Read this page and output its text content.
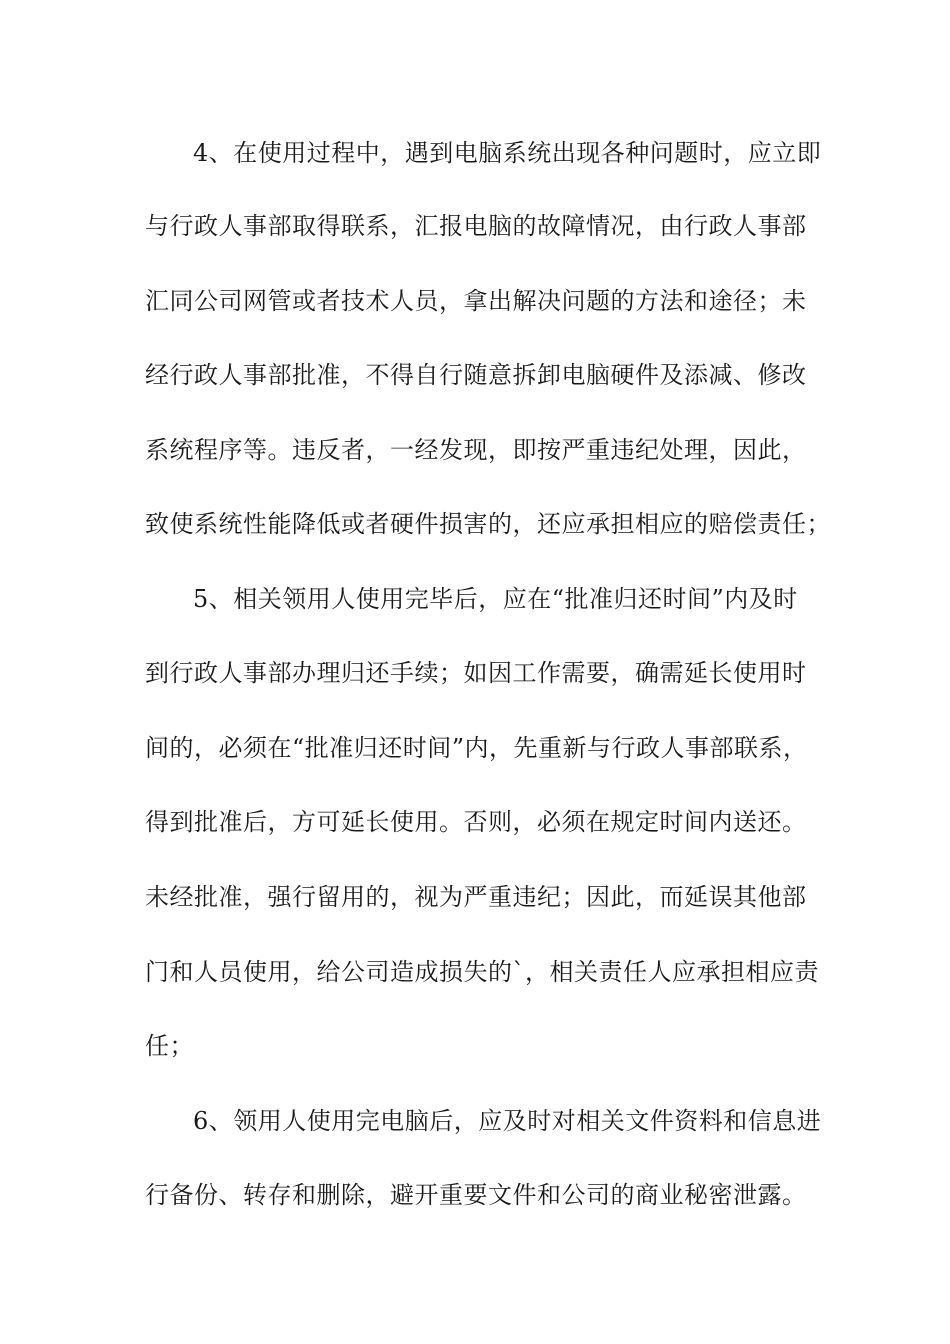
4、在使用过程中，遇到电脑系统出现各种问题时，应立即
与行政人事部取得联系，汇报电脑的故障情况，由行政人事部
汇同公司网管或者技术人员，拿出解决问题的方法和途径；未
经行政人事部批准，不得自行随意拆卸电脑硬件及添减、修改
系统程序等。违反者，一经发现，即按严重违纪处理，因此，
致使系统性能降低或者硬件损害的，还应承担相应的赔偿责任；
5、相关领用人使用完毕后，应在“批准归还时间”内及时
到行政人事部办理归还手续；如因工作需要，确需延长使用时
间的，必须在“批准归还时间”内，先重新与行政人事部联系，
得到批准后，方可延长使用。否则，必须在规定时间内送还。
未经批准，强行留用的，视为严重违纪；因此，而延误其他部
门和人员使用，给公司造成损失的`，相关责任人应承担相应责
任；
6、领用人使用完电脑后，应及时对相关文件资料和信息进
行备份、转存和删除，避开重要文件和公司的商业秘密泄露。
